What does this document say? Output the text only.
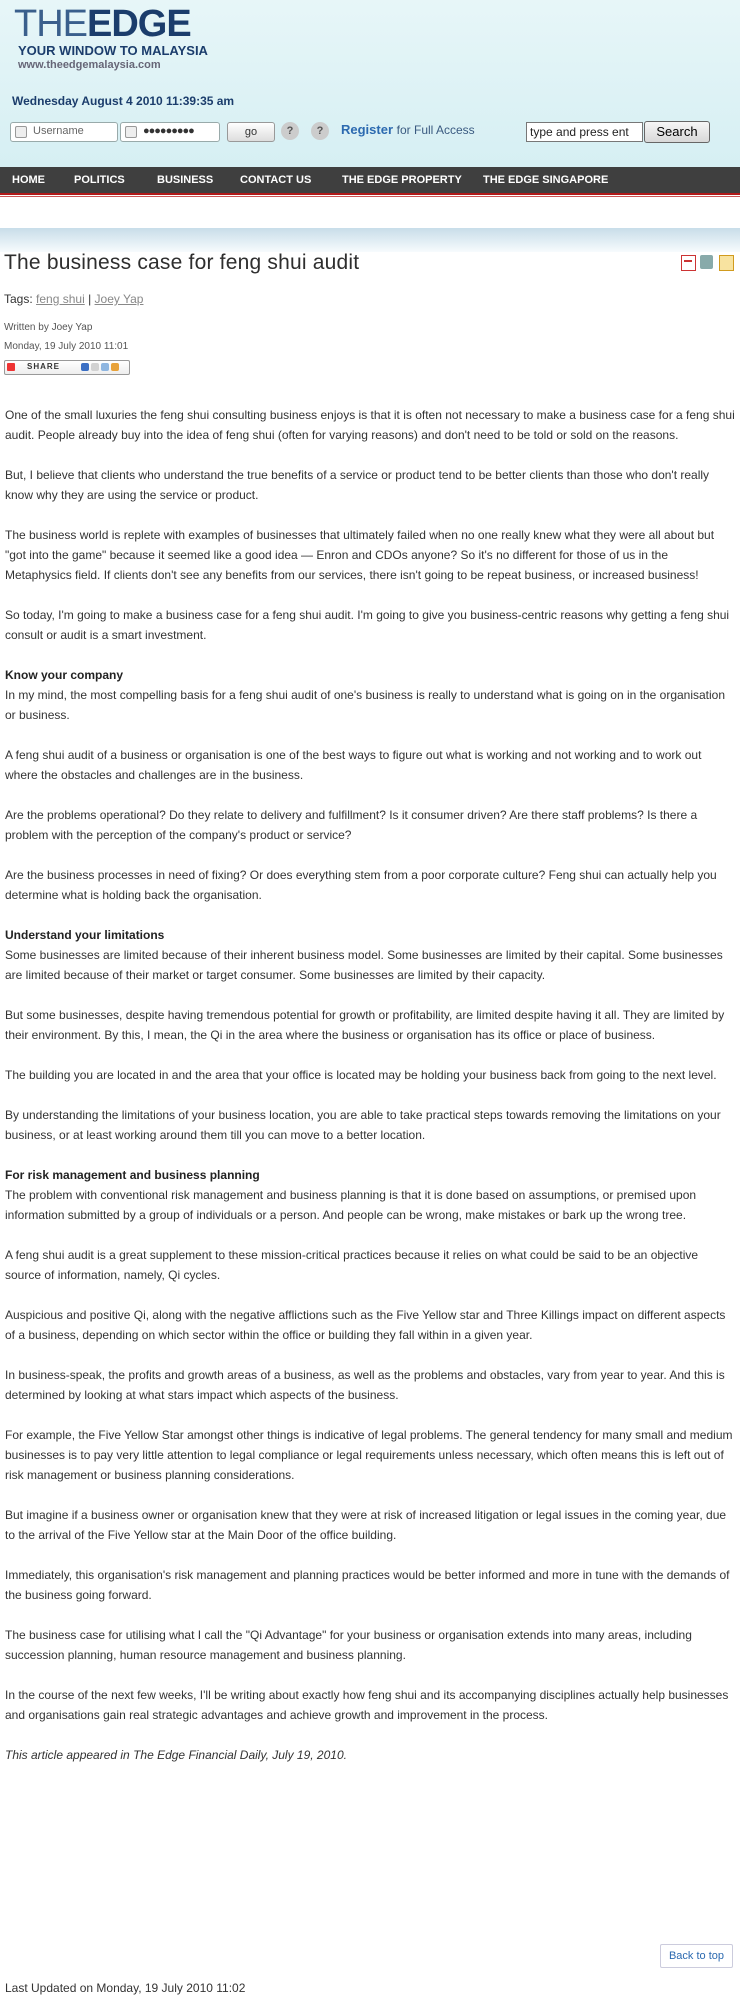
THEEDGE
YOUR WINDOW TO MALAYSIA
www.theedgemalaysia.com
Wednesday August 4 2010 11:39:35 am
Username	●●●●●●●●●	go	?	?	Register for Full Access	type and press ent	Search
HOME	POLITICS	BUSINESS CONTACT US	THE EDGE PROPERTY THE EDGE SINGAPORE
The business case for feng shui audit
Tags: feng shui | Joey Yap
Written by Joey Yap
Monday, 19 July 2010 11:01
SHARE

One of the small luxuries the feng shui consulting business enjoys is that it is often not necessary to make a business case for a feng shui audit. People already buy into the idea of feng shui (often for varying reasons) and don't need to be told or sold on the reasons.

But, I believe that clients who understand the true benefits of a service or product tend to be better clients than those who don't really know why they are using the service or product.

The business world is replete with examples of businesses that ultimately failed when no one really knew what they were all about but "got into the game" because it seemed like a good idea — Enron and CDOs anyone? So it's no different for those of us in the Metaphysics field. If clients don't see any benefits from our services, there isn't going to be repeat business, or increased business!

So today, I'm going to make a business case for a feng shui audit. I'm going to give you business-centric reasons why getting a feng shui consult or audit is a smart investment.

Know your company

In my mind, the most compelling basis for a feng shui audit of one's business is really to understand what is going on in the organisation or business.

A feng shui audit of a business or organisation is one of the best ways to figure out what is working and not working and to work out where the obstacles and challenges are in the business.

Are the problems operational? Do they relate to delivery and fulfillment? Is it consumer driven? Are there staff problems? Is there a problem with the perception of the company's product or service?

Are the business processes in need of fixing? Or does everything stem from a poor corporate culture? Feng shui can actually help you determine what is holding back the organisation.

Understand your limitations

Some businesses are limited because of their inherent business model. Some businesses are limited by their capital. Some businesses are limited because of their market or target consumer. Some businesses are limited by their capacity.

But some businesses, despite having tremendous potential for growth or profitability, are limited despite having it all. They are limited by their environment. By this, I mean, the Qi in the area where the business or organisation has its office or place of business.

The building you are located in and the area that your office is located may be holding your business back from going to the next level.

By understanding the limitations of your business location, you are able to take practical steps towards removing the limitations on your business, or at least working around them till you can move to a better location.

For risk management and business planning

The problem with conventional risk management and business planning is that it is done based on assumptions, or premised upon information submitted by a group of individuals or a person. And people can be wrong, make mistakes or bark up the wrong tree.

A feng shui audit is a great supplement to these mission-critical practices because it relies on what could be said to be an objective source of information, namely, Qi cycles.

Auspicious and positive Qi, along with the negative afflictions such as the Five Yellow star and Three Killings impact on different aspects of a business, depending on which sector within the office or building they fall within in a given year.

In business-speak, the profits and growth areas of a business, as well as the problems and obstacles, vary from year to year. And this is determined by looking at what stars impact which aspects of the business.

For example, the Five Yellow Star amongst other things is indicative of legal problems. The general tendency for many small and medium businesses is to pay very little attention to legal compliance or legal requirements unless necessary, which often means this is left out of risk management or business planning considerations.

But imagine if a business owner or organisation knew that they were at risk of increased litigation or legal issues in the coming year, due to the arrival of the Five Yellow star at the Main Door of the office building.

Immediately, this organisation's risk management and planning practices would be better informed and more in tune with the demands of the business going forward.

The business case for utilising what I call the "Qi Advantage" for your business or organisation extends into many areas, including succession planning, human resource management and business planning.

In the course of the next few weeks, I'll be writing about exactly how feng shui and its accompanying disciplines actually help businesses and organisations gain real strategic advantages and achieve growth and improvement in the process.

This article appeared in The Edge Financial Daily, July 19, 2010.

Back to top
Last Updated on Monday, 19 July 2010 11:02
